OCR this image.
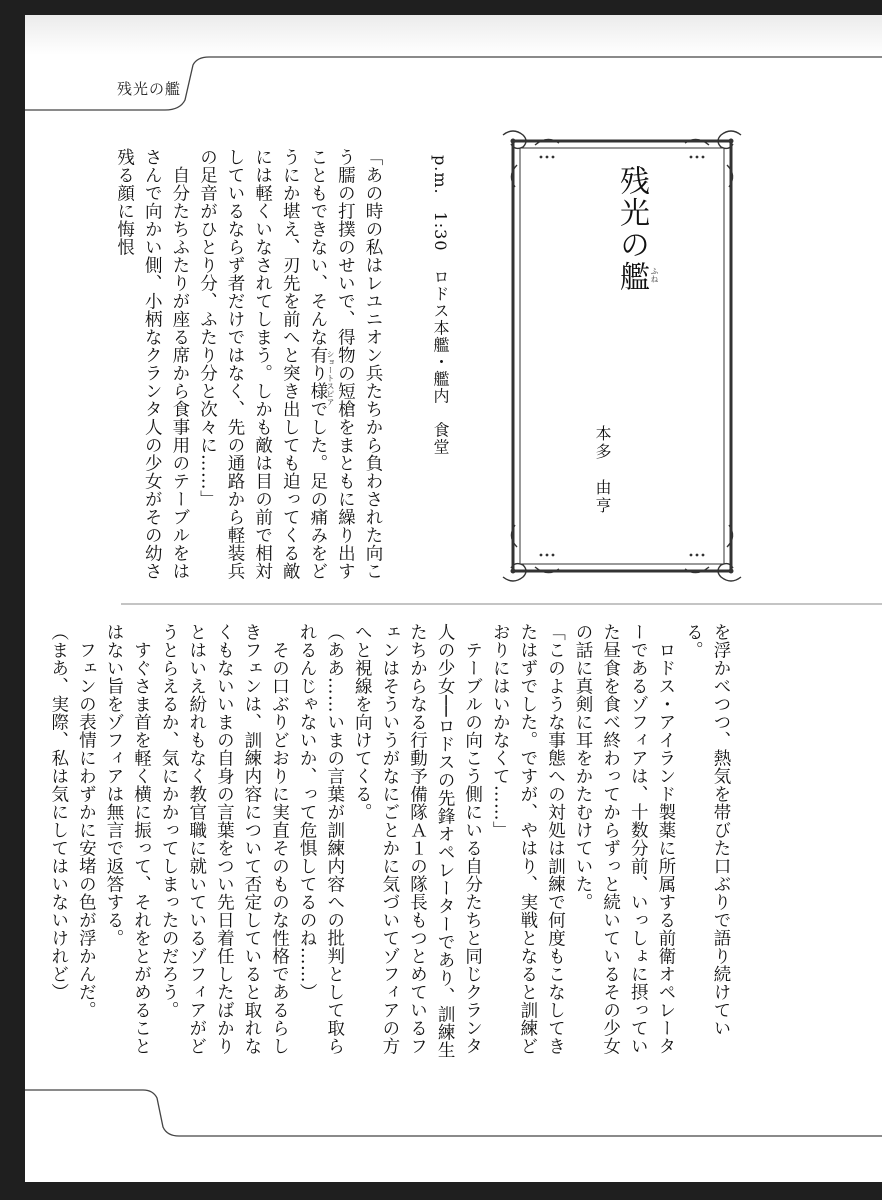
残光の艦
残光の艦 ふね
本多　由亨
p.m.　1:30　ロドス本艦・艦内　食堂

「あの時の私はレユニオン兵たちから負わされた向こう臑の打撲のせいで、得物の短槍をまともに繰り出すこともできない、そんな有り様でした。足の痛みをどうにか堪え、刃先を前へと突き出しても迫ってくる敵には軽くいなされてしまう。しかも敵は目の前で相対しているならず者だけではなく、先の通路から軽装兵の足音がひとり分、ふたり分と次々に……」

　自分たちふたりが座る席から食事用のテーブルをはさんで向かい側、小柄なクランタ人の少女がその幼さ残る顔に悔恨

ショートスピア

を浮かべつつ、熱気を帯びた口ぶりで語り続けている。

　ロドス・アイランド製薬に所属する前衛オペレーターであるゾフィアは、十数分前、いっしょに摂っていた昼食を食べ終わってからずっと続いているその少女の話に真剣に耳をかたむけていた。

「このような事態への対処は訓練で何度もこなしてきたはずでした。ですが、やはり、実戦となると訓練どおりにはいかなくて……」

　テーブルの向こう側にいる自分たちと同じクランタ人の少女──ロドスの先鋒オペレーターであり、訓練生たちからなる行動予備隊Ａ１の隊長もつとめているフェンはそういうがなにごとかに気づいてゾフィアの方へと視線を向けてくる。

（ああ……いまの言葉が訓練内容への批判として取られるんじゃないか、って危惧してるのね……）

　その口ぶりどおりに実直そのものな性格であるらしきフェンは、訓練内容について否定していると取れなくもないいまの自身の言葉をつい先日着任したばかりとはいえ紛れもなく教官職に就いているゾフィアがどうとらえるか、気にかかってしまったのだろう。

　すぐさま首を軽く横に振って、それをとがめることはない旨をゾフィアは無言で返答する。

　フェンの表情にわずかに安堵の色が浮かんだ。

（まあ、実際、私は気にしてはいないけれど）
